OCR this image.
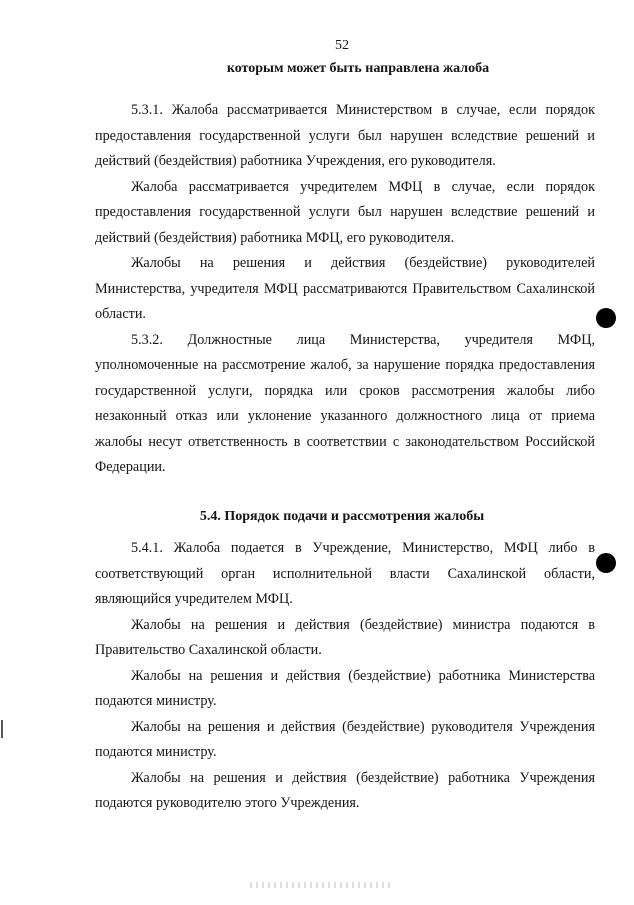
52
которым может быть направлена жалоба

5.3.1. Жалоба рассматривается Министерством в случае, если порядок предоставления государственной услуги был нарушен вследствие решений и действий (бездействия) работника Учреждения, его руководителя.

Жалоба рассматривается учредителем МФЦ в случае, если порядок предоставления государственной услуги был нарушен вследствие решений и действий (бездействия) работника МФЦ, его руководителя.

Жалобы на решения и действия (бездействие) руководителей Министерства, учредителя МФЦ рассматриваются Правительством Сахалинской области.

5.3.2. Должностные лица Министерства, учредителя МФЦ, уполномоченные на рассмотрение жалоб, за нарушение порядка предоставления государственной услуги, порядка или сроков рассмотрения жалобы либо незаконный отказ или уклонение указанного должностного лица от приема жалобы несут ответственность в соответствии с законодательством Российской Федерации.

5.4. Порядок подачи и рассмотрения жалобы

5.4.1. Жалоба подается в Учреждение, Министерство, МФЦ либо в соответствующий орган исполнительной власти Сахалинской области, являющийся учредителем МФЦ.

Жалобы на решения и действия (бездействие) министра подаются в Правительство Сахалинской области.

Жалобы на решения и действия (бездействие) работника Министерства подаются министру.

Жалобы на решения и действия (бездействие) руководителя Учреждения подаются министру.

Жалобы на решения и действия (бездействие) работника Учреждения подаются руководителю этого Учреждения.
